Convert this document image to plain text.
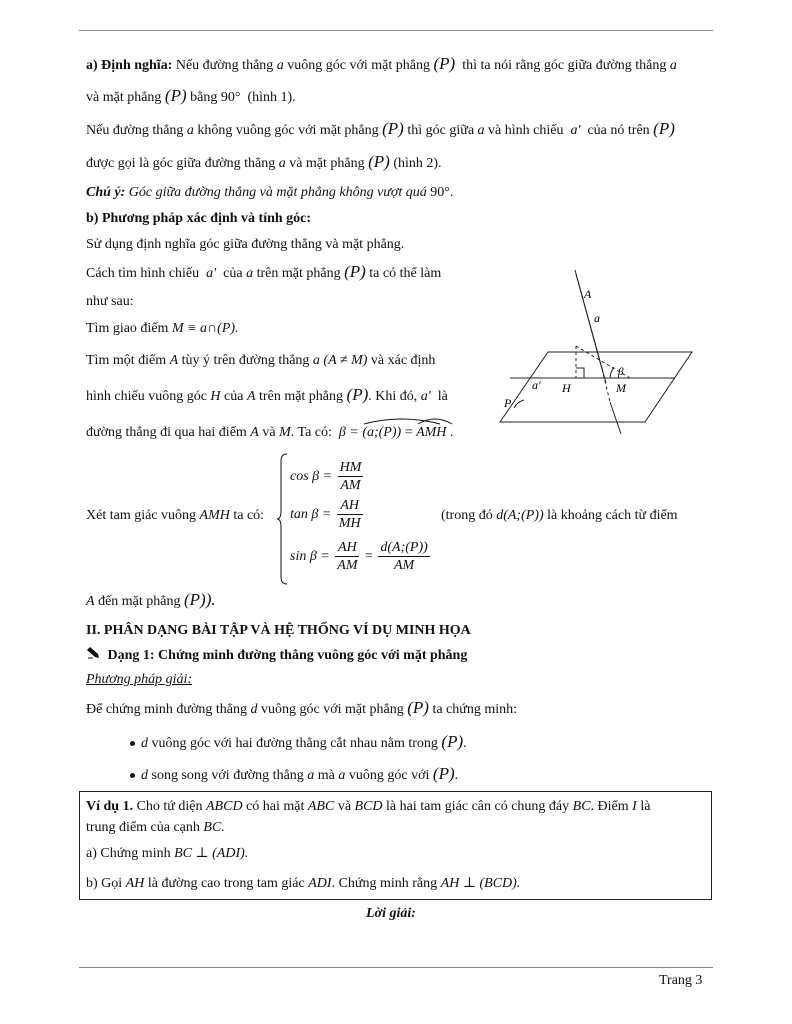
a) Định nghĩa: Nếu đường thẳng a vuông góc với mặt phẳng (P) thì ta nói rằng góc giữa đường thẳng a
và mặt phẳng (P) bằng 90° (hình 1).
Nếu đường thẳng a không vuông góc với mặt phẳng (P) thì góc giữa a và hình chiếu a' của nó trên (P)
được gọi là góc giữa đường thẳng a và mặt phẳng (P) (hình 2).
Chú ý: Góc giữa đường thẳng và mặt phẳng không vượt quá 90°.
b) Phương pháp xác định và tính góc:
Sử dụng định nghĩa góc giữa đường thẳng và mặt phẳng.
Cách tìm hình chiếu a' của a trên mặt phẳng (P) ta có thể làm
như sau:
Tìm giao điểm M ≡ a∩(P).
Tìm một điểm A tùy ý trên đường thẳng a (A ≠ M) và xác định
hình chiếu vuông góc H của A trên mặt phẳng (P). Khi đó, a' là
đường thẳng đi qua hai điểm A và M. Ta có: β = (a;(P)) = AMH .
A
a
a' H	M
P
β
Xét tam giác vuông AMH ta có:
$\cos \beta = \frac{HM}{AM}$
$\tan \beta = \frac{AH}{MH}$
$\sin \beta = \frac{AH}{AM} = \frac{d(A;(P))}{AM}$
(trong đó d(A;(P)) là khoảng cách từ điểm
A đến mặt phẳng (P)).
II. PHÂN DẠNG BÀI TẬP VÀ HỆ THỐNG VÍ DỤ MINH HỌA
Dạng 1: Chứng minh đường thẳng vuông góc với mặt phẳng
Phương pháp giải:
Để chứng minh đường thẳng d vuông góc với mặt phẳng (P) ta chứng minh:
d vuông góc với hai đường thẳng cắt nhau nằm trong (P).
d song song với đường thẳng a mà a vuông góc với (P).
Ví dụ 1. Cho tứ diện ABCD có hai mặt ABC và BCD là hai tam giác cân có chung đáy BC. Điểm I là
trung điểm của cạnh BC.
a) Chứng minh BC ⊥ (ADI).
b) Gọi AH là đường cao trong tam giác ADI. Chứng minh rằng AH ⊥ (BCD).
Lời giải:
Trang 3
